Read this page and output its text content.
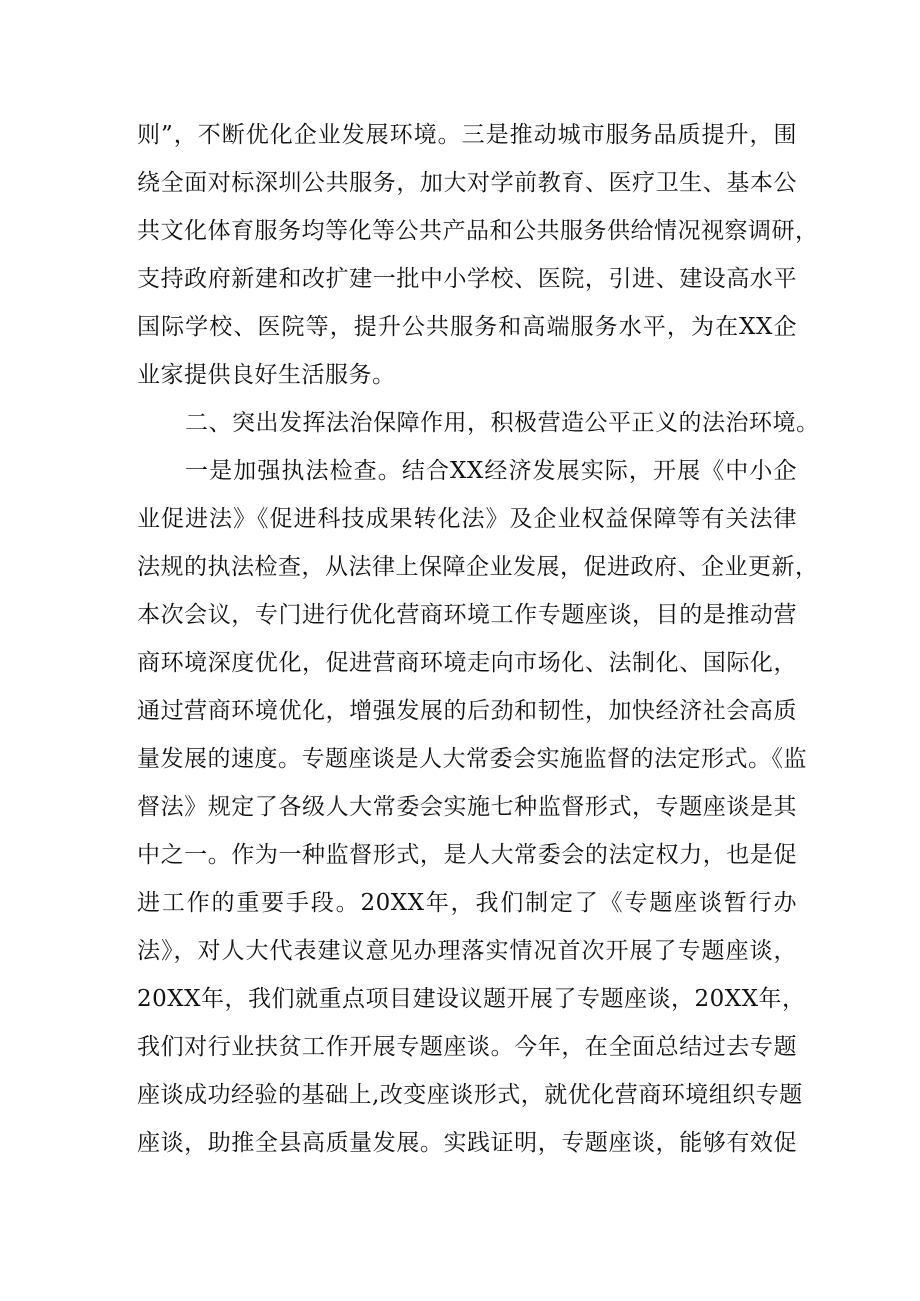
则”，不断优化企业发展环境。三是推动城市服务品质提升，围
绕全面对标深圳公共服务，加大对学前教育、医疗卫生、基本公
共文化体育服务均等化等公共产品和公共服务供给情况视察调研，
支持政府新建和改扩建一批中小学校、医院，引进、建设高水平
国际学校、医院等，提升公共服务和高端服务水平，为在XX企
业家提供良好生活服务。
二、突出发挥法治保障作用，积极营造公平正义的法治环境。
一是加强执法检查。结合XX经济发展实际，开展《中小企
业促进法》《促进科技成果转化法》及企业权益保障等有关法律
法规的执法检查，从法律上保障企业发展，促进政府、企业更新，
本次会议，专门进行优化营商环境工作专题座谈，目的是推动营
商环境深度优化，促进营商环境走向市场化、法制化、国际化，
通过营商环境优化，增强发展的后劲和韧性，加快经济社会高质
量发展的速度。专题座谈是人大常委会实施监督的法定形式。《监
督法》规定了各级人大常委会实施七种监督形式，专题座谈是其
中之一。作为一种监督形式，是人大常委会的法定权力，也是促
进工作的重要手段。20XX年，我们制定了《专题座谈暂行办
法》，对人大代表建议意见办理落实情况首次开展了专题座谈，
20XX年，我们就重点项目建设议题开展了专题座谈，20XX年，
我们对行业扶贫工作开展专题座谈。今年，在全面总结过去专题
座谈成功经验的基础上,改变座谈形式，就优化营商环境组织专题
座谈，助推全县高质量发展。实践证明，专题座谈，能够有效促
